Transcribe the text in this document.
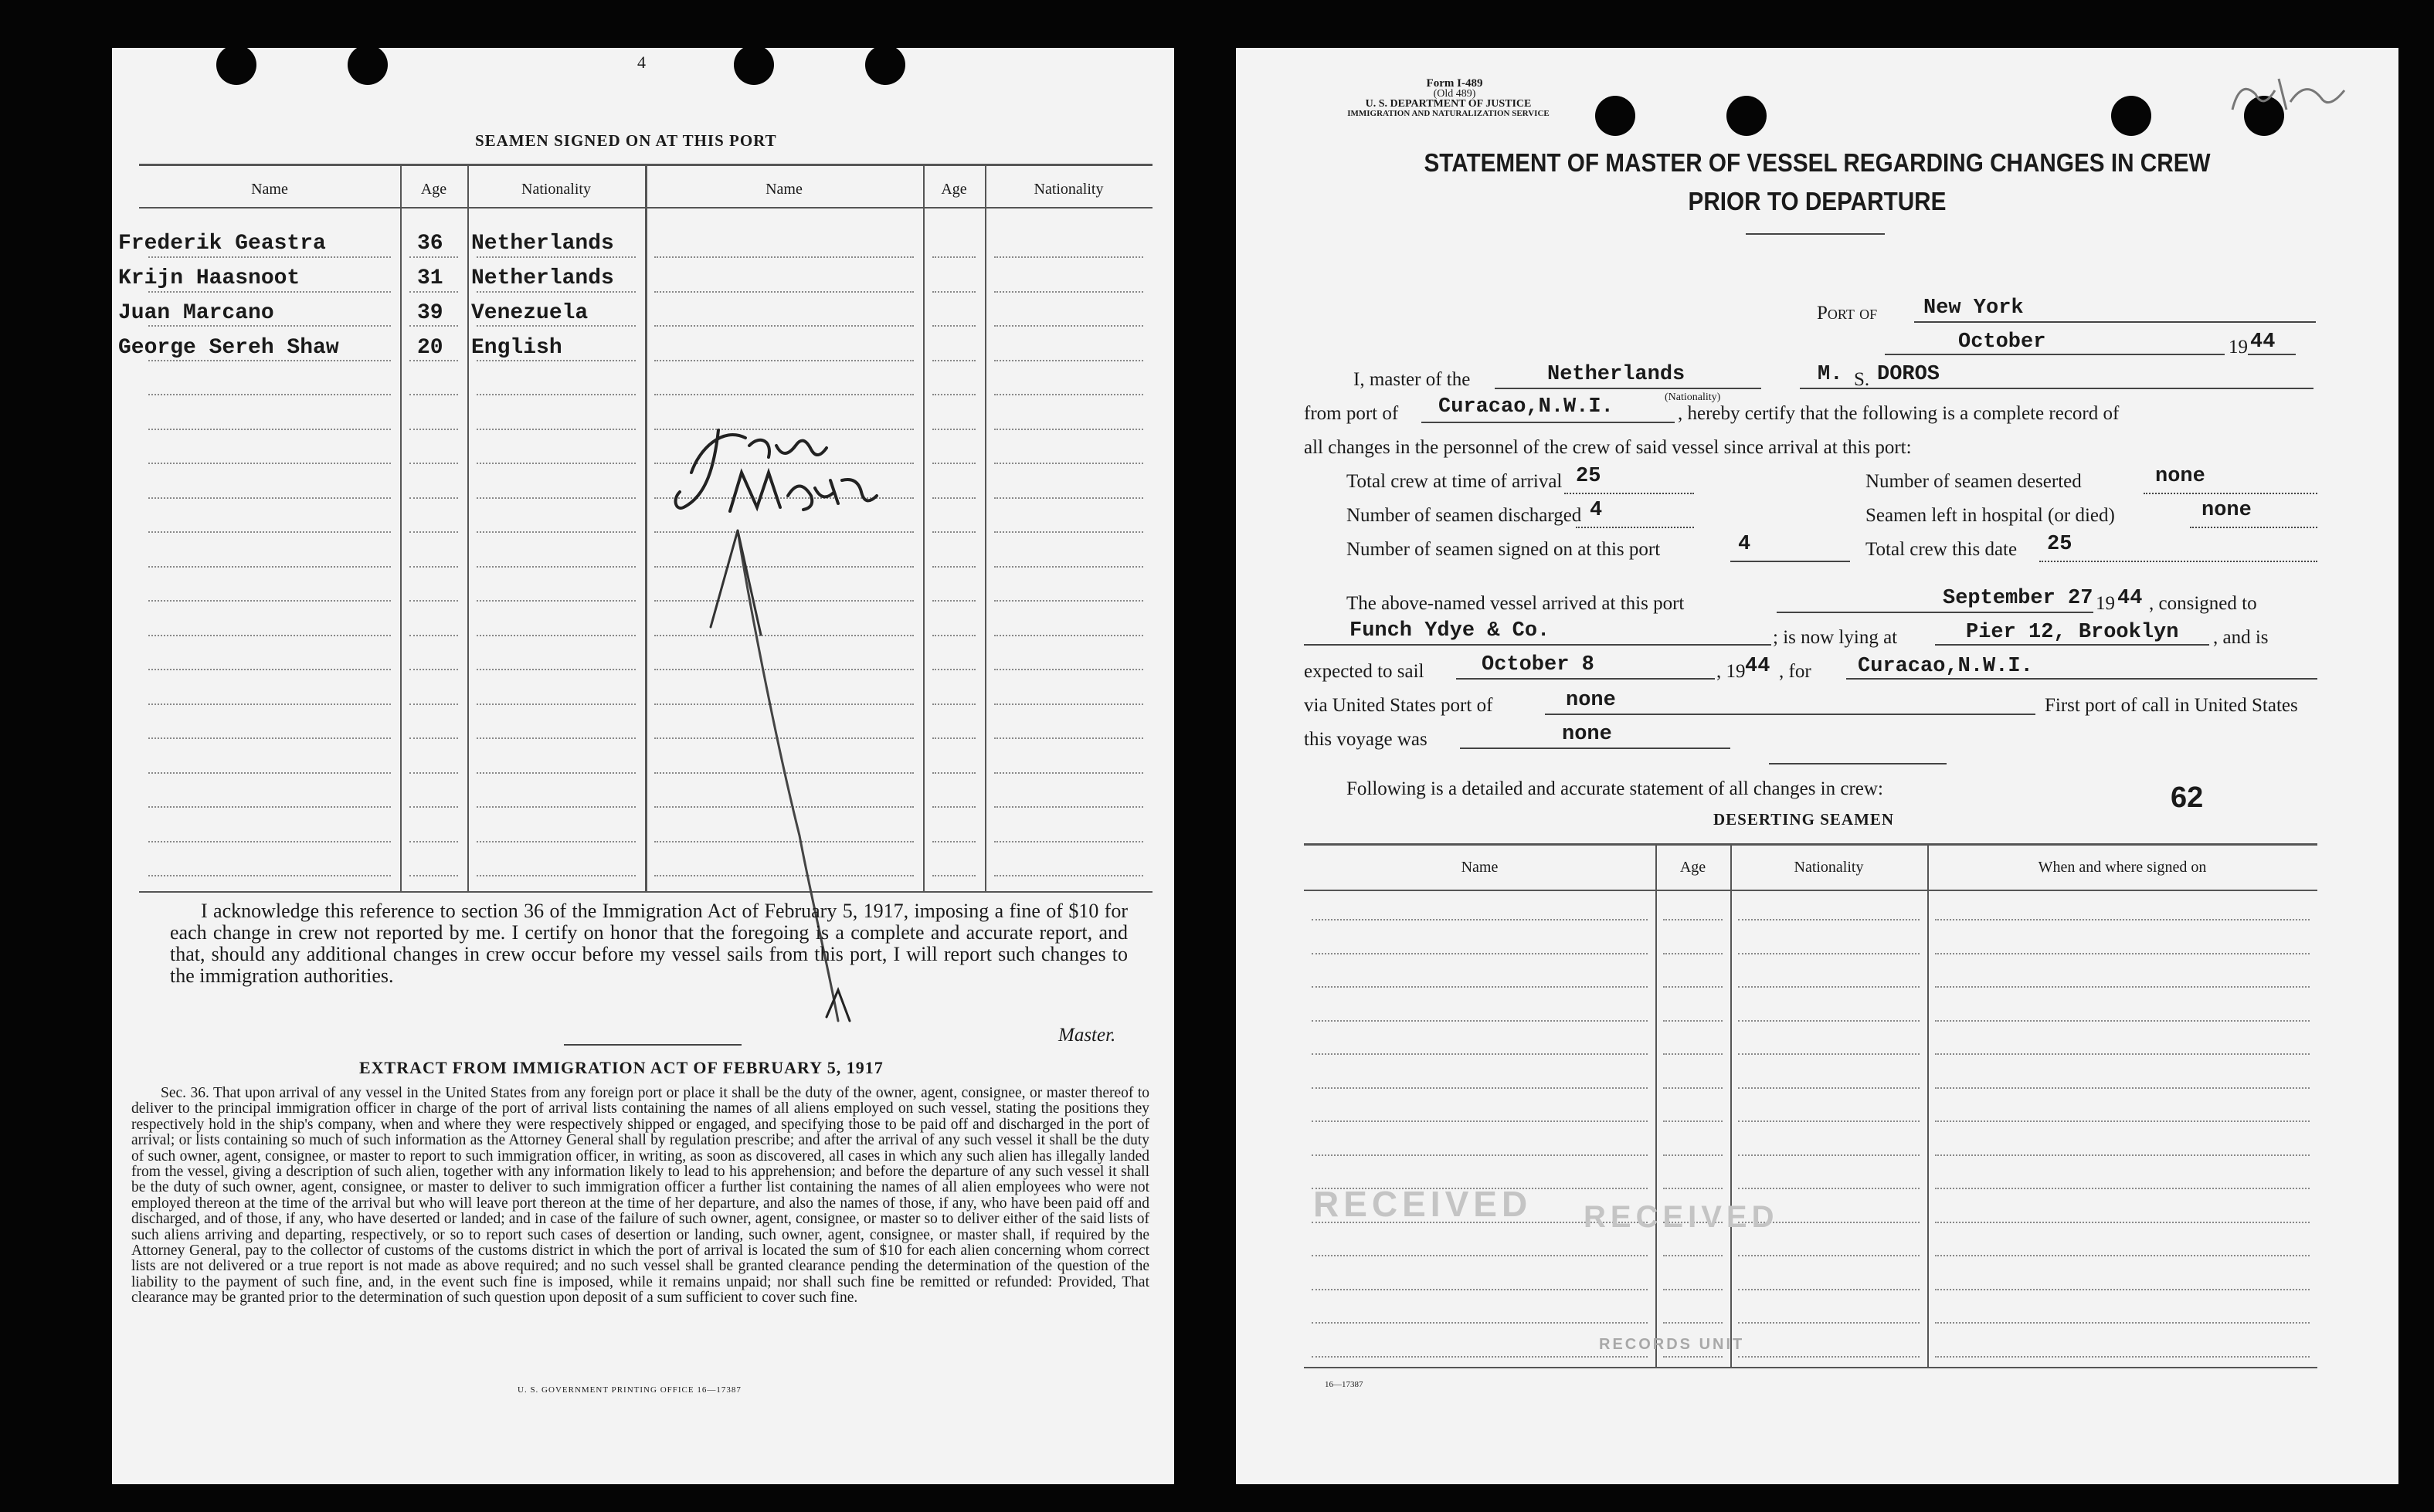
4
SEAMEN SIGNED ON AT THIS PORT
Name	Age	Nationality	Name	Age	Nationality
Frederik Geastra	36 Netherlands
Krijn Haasnoot	31 Netherlands
Juan Marcano	39 Venezuela
George Sereh Shaw	20 English
I acknowledge this reference to section 36 of the Immigration Act of February 5, 1917, imposing a fine of $10 for each change in crew not reported by me. I certify on honor that the foregoing is a complete and accurate report, and that, should any additional changes in crew occur before my vessel sails from this port, I will report such changes to the immigration authorities.

Master.
EXTRACT FROM IMMIGRATION ACT OF FEBRUARY 5, 1917
Sec. 36. That upon arrival of any vessel in the United States from any foreign port or place it shall be the duty of the owner, agent, consignee, or master thereof to deliver to the principal immigration officer in charge of the port of arrival lists containing the names of all aliens employed on such vessel, stating the positions they respectively hold in the ship's company, when and where they were respectively shipped or engaged, and specifying those to be paid off and discharged in the port of arrival; or lists containing so much of such information as the Attorney General shall by regulation prescribe; and after the arrival of any such vessel it shall be the duty of such owner, agent, consignee, or master to report to such immigration officer, in writing, as soon as discovered, all cases in which any such alien has illegally landed from the vessel, giving a description of such alien, together with any information likely to lead to his apprehension; and before the departure of any such vessel it shall be the duty of such owner, agent, consignee, or master to deliver to such immigration officer a further list containing the names of all alien employees who were not employed thereon at the time of the arrival but who will leave port thereon at the time of her departure, and also the names of those, if any, who have been paid off and discharged, and of those, if any, who have deserted or landed; and in case of the failure of such owner, agent, consignee, or master so to deliver either of the said lists of such aliens arriving and departing, respectively, or so to report such cases of desertion or landing, such owner, agent, consignee, or master shall, if required by the Attorney General, pay to the collector of customs of the customs district in which the port of arrival is located the sum of $10 for each alien concerning whom correct lists are not delivered or a true report is not made as above required; and no such vessel shall be granted clearance pending the determination of the question of the liability to the payment of such fine, and, in the event such fine is imposed, while it remains unpaid; nor shall such fine be remitted or refunded: Provided, That clearance may be granted prior to the determination of such question upon deposit of a sum sufficient to cover such fine.
U. S. GOVERNMENT PRINTING OFFICE 16—17387
Form I-489
(Old 489)
U. S. DEPARTMENT OF JUSTICE
IMMIGRATION AND NATURALIZATION SERVICE
STATEMENT OF MASTER OF VESSEL REGARDING CHANGES IN CREW
PRIOR TO DEPARTURE
Port of New York
October	19 44
I, master of the	Netherlands
(Nationality)
M. S. DOROS
from port of Curacao,N.W.I.	, hereby certify that the following is a complete record of
all changes in the personnel of the crew of said vessel since arrival at this port:
Total crew at time of arrival 25	Number of seamen deserted	none
Number of seamen discharged 4	Seamen left in hospital (or died)	none
Number of seamen signed on at this port	4	Total crew this date 25
The above-named vessel arrived at this port	September 27 19 44 , consigned to
Funch Ydye & Co.	; is now lying at	Pier 12, Brooklyn , and is
expected to sail	October 8	, 19 44 , for Curacao,N.W.I.
via United States port of	none	First port of call in United States
this voyage was	none
Following is a detailed and accurate statement of all changes in crew:	62
DESERTING SEAMEN
Name	Age	Nationality	When and where signed on
RECEIVED RECEIVED
RECORDS UNIT
16—17387
